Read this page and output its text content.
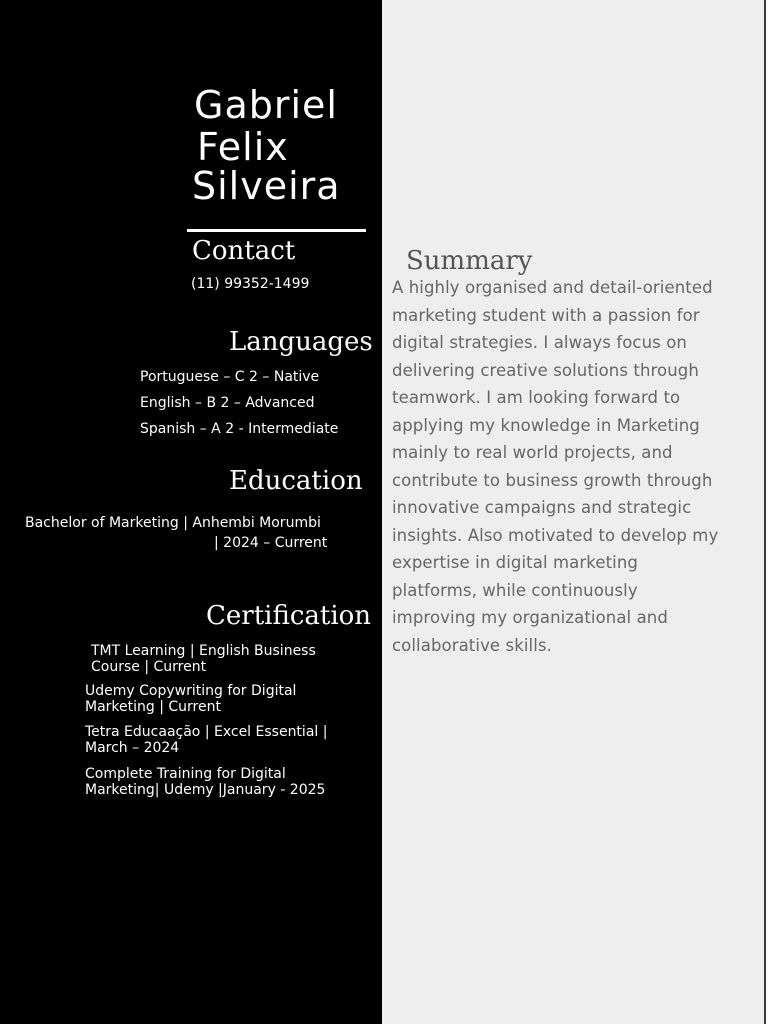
Gabriel
Felix
Silveira
Contact
(11) 99352-1499
Languages
Portuguese – C 2 – Native
English – B 2 – Advanced
Spanish – A 2 - Intermediate
Education
Bachelor of Marketing | Anhembi Morumbi
| 2024 – Current
Certification
TMT Learning | English Business
Course | Current
Udemy Copywriting for Digital
Marketing | Current
Tetra Educaação | Excel Essential |
March – 2024
Complete Training for Digital
Marketing| Udemy |January - 2025
Summary
A highly organised and detail-oriented
marketing student with a passion for
digital strategies. I always focus on
delivering creative solutions through
teamwork. I am looking forward to
applying my knowledge in Marketing
mainly to real world projects, and
contribute to business growth through
innovative campaigns and strategic
insights. Also motivated to develop my
expertise in digital marketing
platforms, while continuously
improving my organizational and
collaborative skills.
